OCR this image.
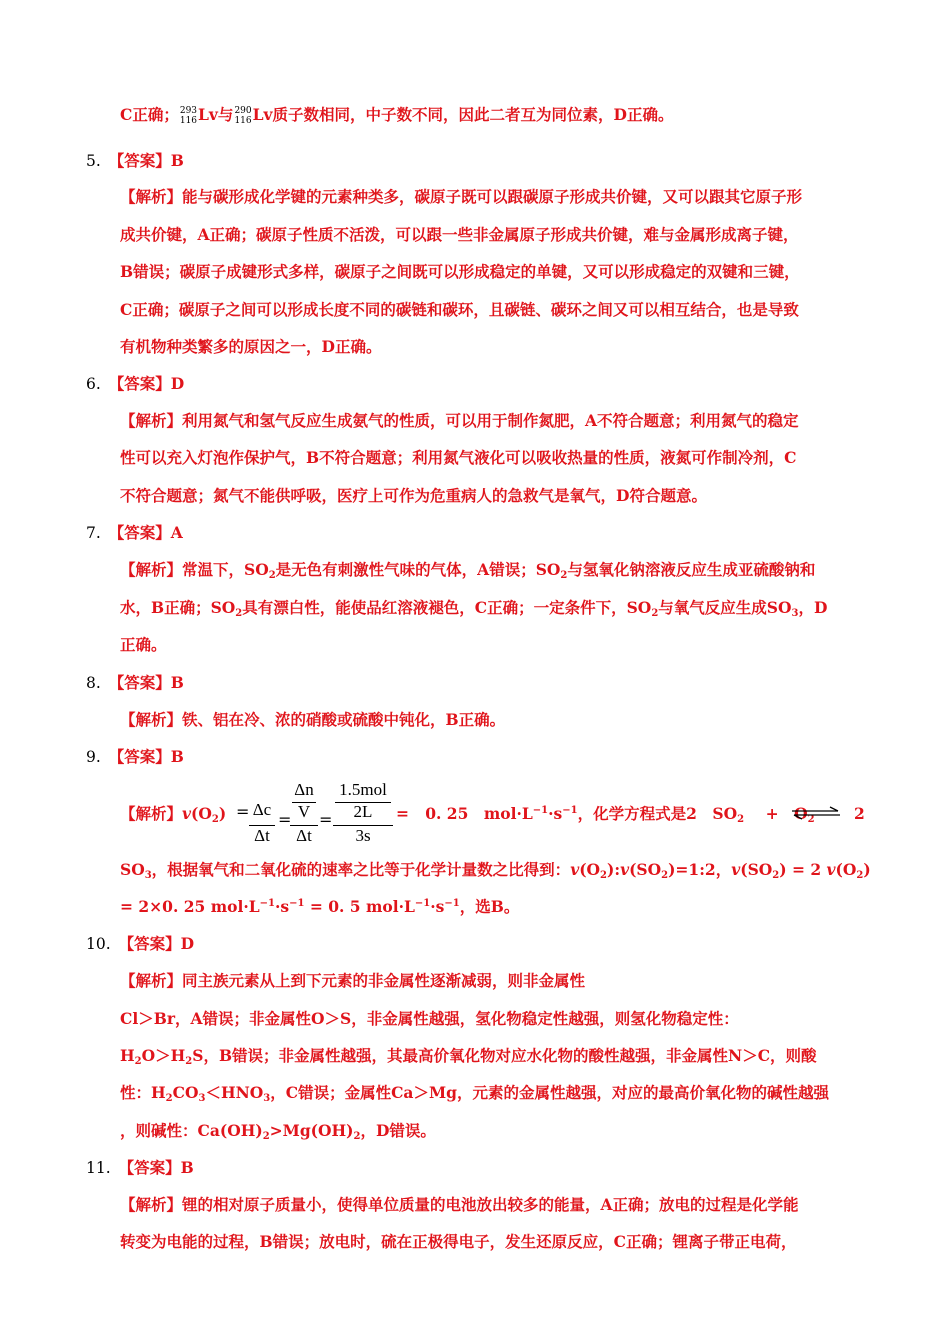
C正确； 293
116 Lv与 290
116 Lv质子数相同，中子数不同，因此二者互为同位素，D正确。
5. 【答案】B
【解析】能与碳形成化学键的元素种类多，碳原子既可以跟碳原子形成共价键，又可以跟其它原子形
成共价键，A正确；碳原子性质不活泼，可以跟一些非金属原子形成共价键，难与金属形成离子键，
B错误；碳原子成键形式多样，碳原子之间既可以形成稳定的单键，又可以形成稳定的双键和三键，
C正确；碳原子之间可以形成长度不同的碳链和碳环，且碳链、碳环之间又可以相互结合，也是导致
有机物种类繁多的原因之一，D正确。
6. 【答案】D
【解析】利用氮气和氢气反应生成氨气的性质，可以用于制作氮肥，A不符合题意；利用氮气的稳定
性可以充入灯泡作保护气，B不符合题意；利用氮气液化可以吸收热量的性质，液氮可作制冷剂，C
不符合题意；氮气不能供呼吸，医疗上可作为危重病人的急救气是氧气，D符合题意。
7. 【答案】A
【解析】常温下，$SO_2$是无色有刺激性气味的气体，A错误；$SO_2$与氢氧化钠溶液反应生成亚硫酸钠和
水，B正确；$SO_2$具有漂白性，能使品红溶液褪色，C正确；一定条件下，$SO_2$与氧气反应生成$SO_3$，D
正确。
8. 【答案】B
【解析】铁、铝在冷、浓的硝酸或硫酸中钝化，B正确。
9. 【答案】B
【解析】$v(O_2)$ = = =
Δc
Δt
Δn
V
Δt
1.5mol
2L
3s
= 0. 25　$mol\cdot L^{-1}\cdot s^{-1}$，化学方程式是2　$SO_2$ +　$O_2$ ⇌ 2
$SO_3$，根据氧气和二氧化硫的速率之比等于化学计量数之比得到：$v(O_2):v(SO_2)=1:2$，$v(SO_2) = 2$ $v(O_2)$
= 2×0. 25 $mol\cdot L^{-1}\cdot s^{-1} = 0$. 5 $mol\cdot L^{-1}\cdot s^{-1}$，选B。
10. 【答案】D
【解析】同主族元素从上到下元素的非金属性逐渐减弱，则非金属性
Cl＞Br，A错误；非金属性O＞S，非金属性越强，氢化物稳定性越强，则氢化物稳定性：
$H_2O>H_2S$，B错误；非金属性越强，其最高价氧化物对应水化物的酸性越强，非金属性N＞C，则酸
性：$H_2CO_3<HNO_3$，C错误；金属性Ca＞Mg，元素的金属性越强，对应的最高价氧化物的碱性越强
，则碱性：$Ca(OH)_2>Mg(OH)_2$，D错误。
11. 【答案】B
【解析】锂的相对原子质量小，使得单位质量的电池放出较多的能量，A正确；放电的过程是化学能
转变为电能的过程，B错误；放电时，硫在正极得电子，发生还原反应，C正确；锂离子带正电荷，
